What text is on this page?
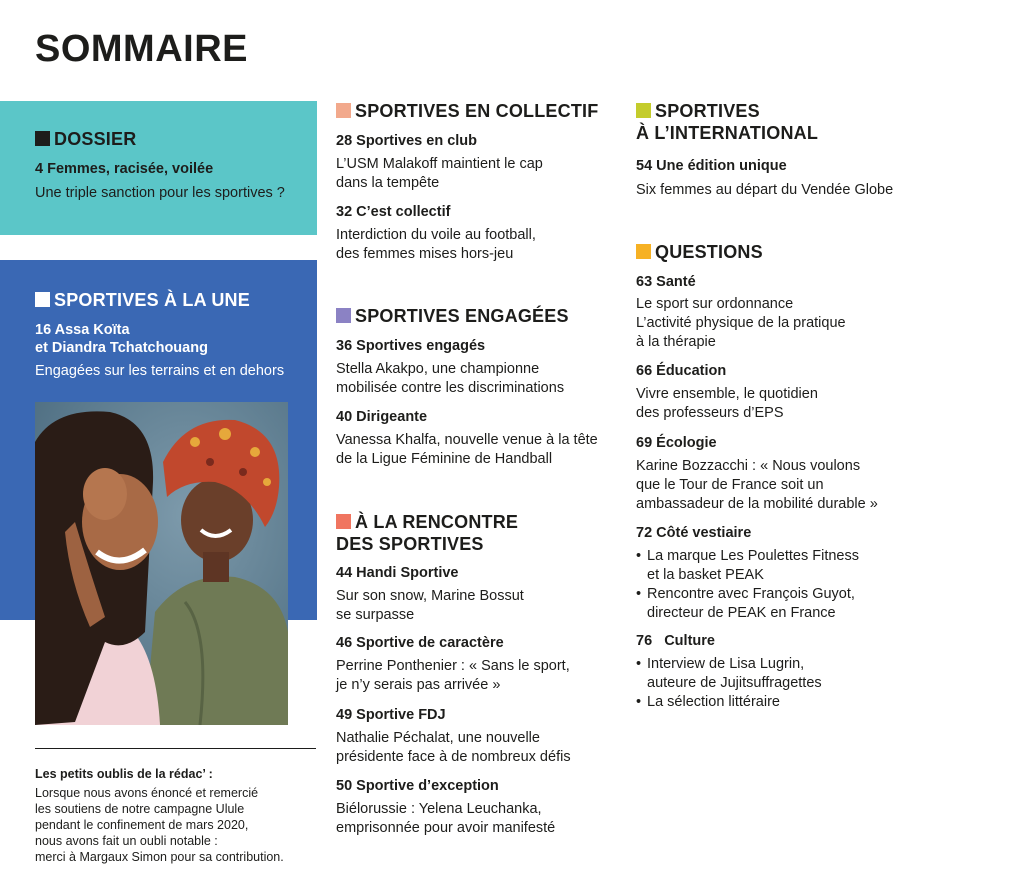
SOMMAIRE
DOSSIER
4 Femmes, racisée, voilée
Une triple sanction pour les sportives ?
SPORTIVES À LA UNE
16 Assa Koïta
et Diandra Tchatchouang
Engagées sur les terrains et en dehors
Les petits oublis de la rédac’ :
Lorsque nous avons énoncé et remercié
les soutiens de notre campagne Ulule
pendant le confinement de mars 2020,
nous avons fait un oubli notable :
merci à Margaux Simon pour sa contribution.
SPORTIVES EN COLLECTIF
28 Sportives en club
L’USM Malakoff maintient le cap
dans la tempête
32 C’est collectif
Interdiction du voile au football,
des femmes mises hors-jeu
SPORTIVES ENGAGÉES
36 Sportives engagés
Stella Akakpo, une championne
mobilisée contre les discriminations
40 Dirigeante
Vanessa Khalfa, nouvelle venue à la tête
de la Ligue Féminine de Handball
À LA RENCONTRE
DES SPORTIVES
44 Handi Sportive
Sur son snow, Marine Bossut
se surpasse
46 Sportive de caractère
Perrine Ponthenier : « Sans le sport,
je n’y serais pas arrivée »
49 Sportive FDJ
Nathalie Péchalat, une nouvelle
présidente face à de nombreux défis
50 Sportive d’exception
Biélorussie : Yelena Leuchanka,
emprisonnée pour avoir manifesté
SPORTIVES
À L’INTERNATIONAL
54 Une édition unique
Six femmes au départ du Vendée Globe
QUESTIONS
63 Santé
Le sport sur ordonnance
L’activité physique de la pratique
à la thérapie
66 Éducation
Vivre ensemble, le quotidien
des professeurs d’EPS
69 Écologie
Karine Bozzacchi : « Nous voulons
que le Tour de France soit un
ambassadeur de la mobilité durable »
72 Côté vestiaire
• La marque Les Poulettes Fitness
et la basket PEAK
• Rencontre avec François Guyot,
directeur de PEAK en France
76   Culture
• Interview de Lisa Lugrin,
auteure de Jujitsuffragettes
• La sélection littéraire
